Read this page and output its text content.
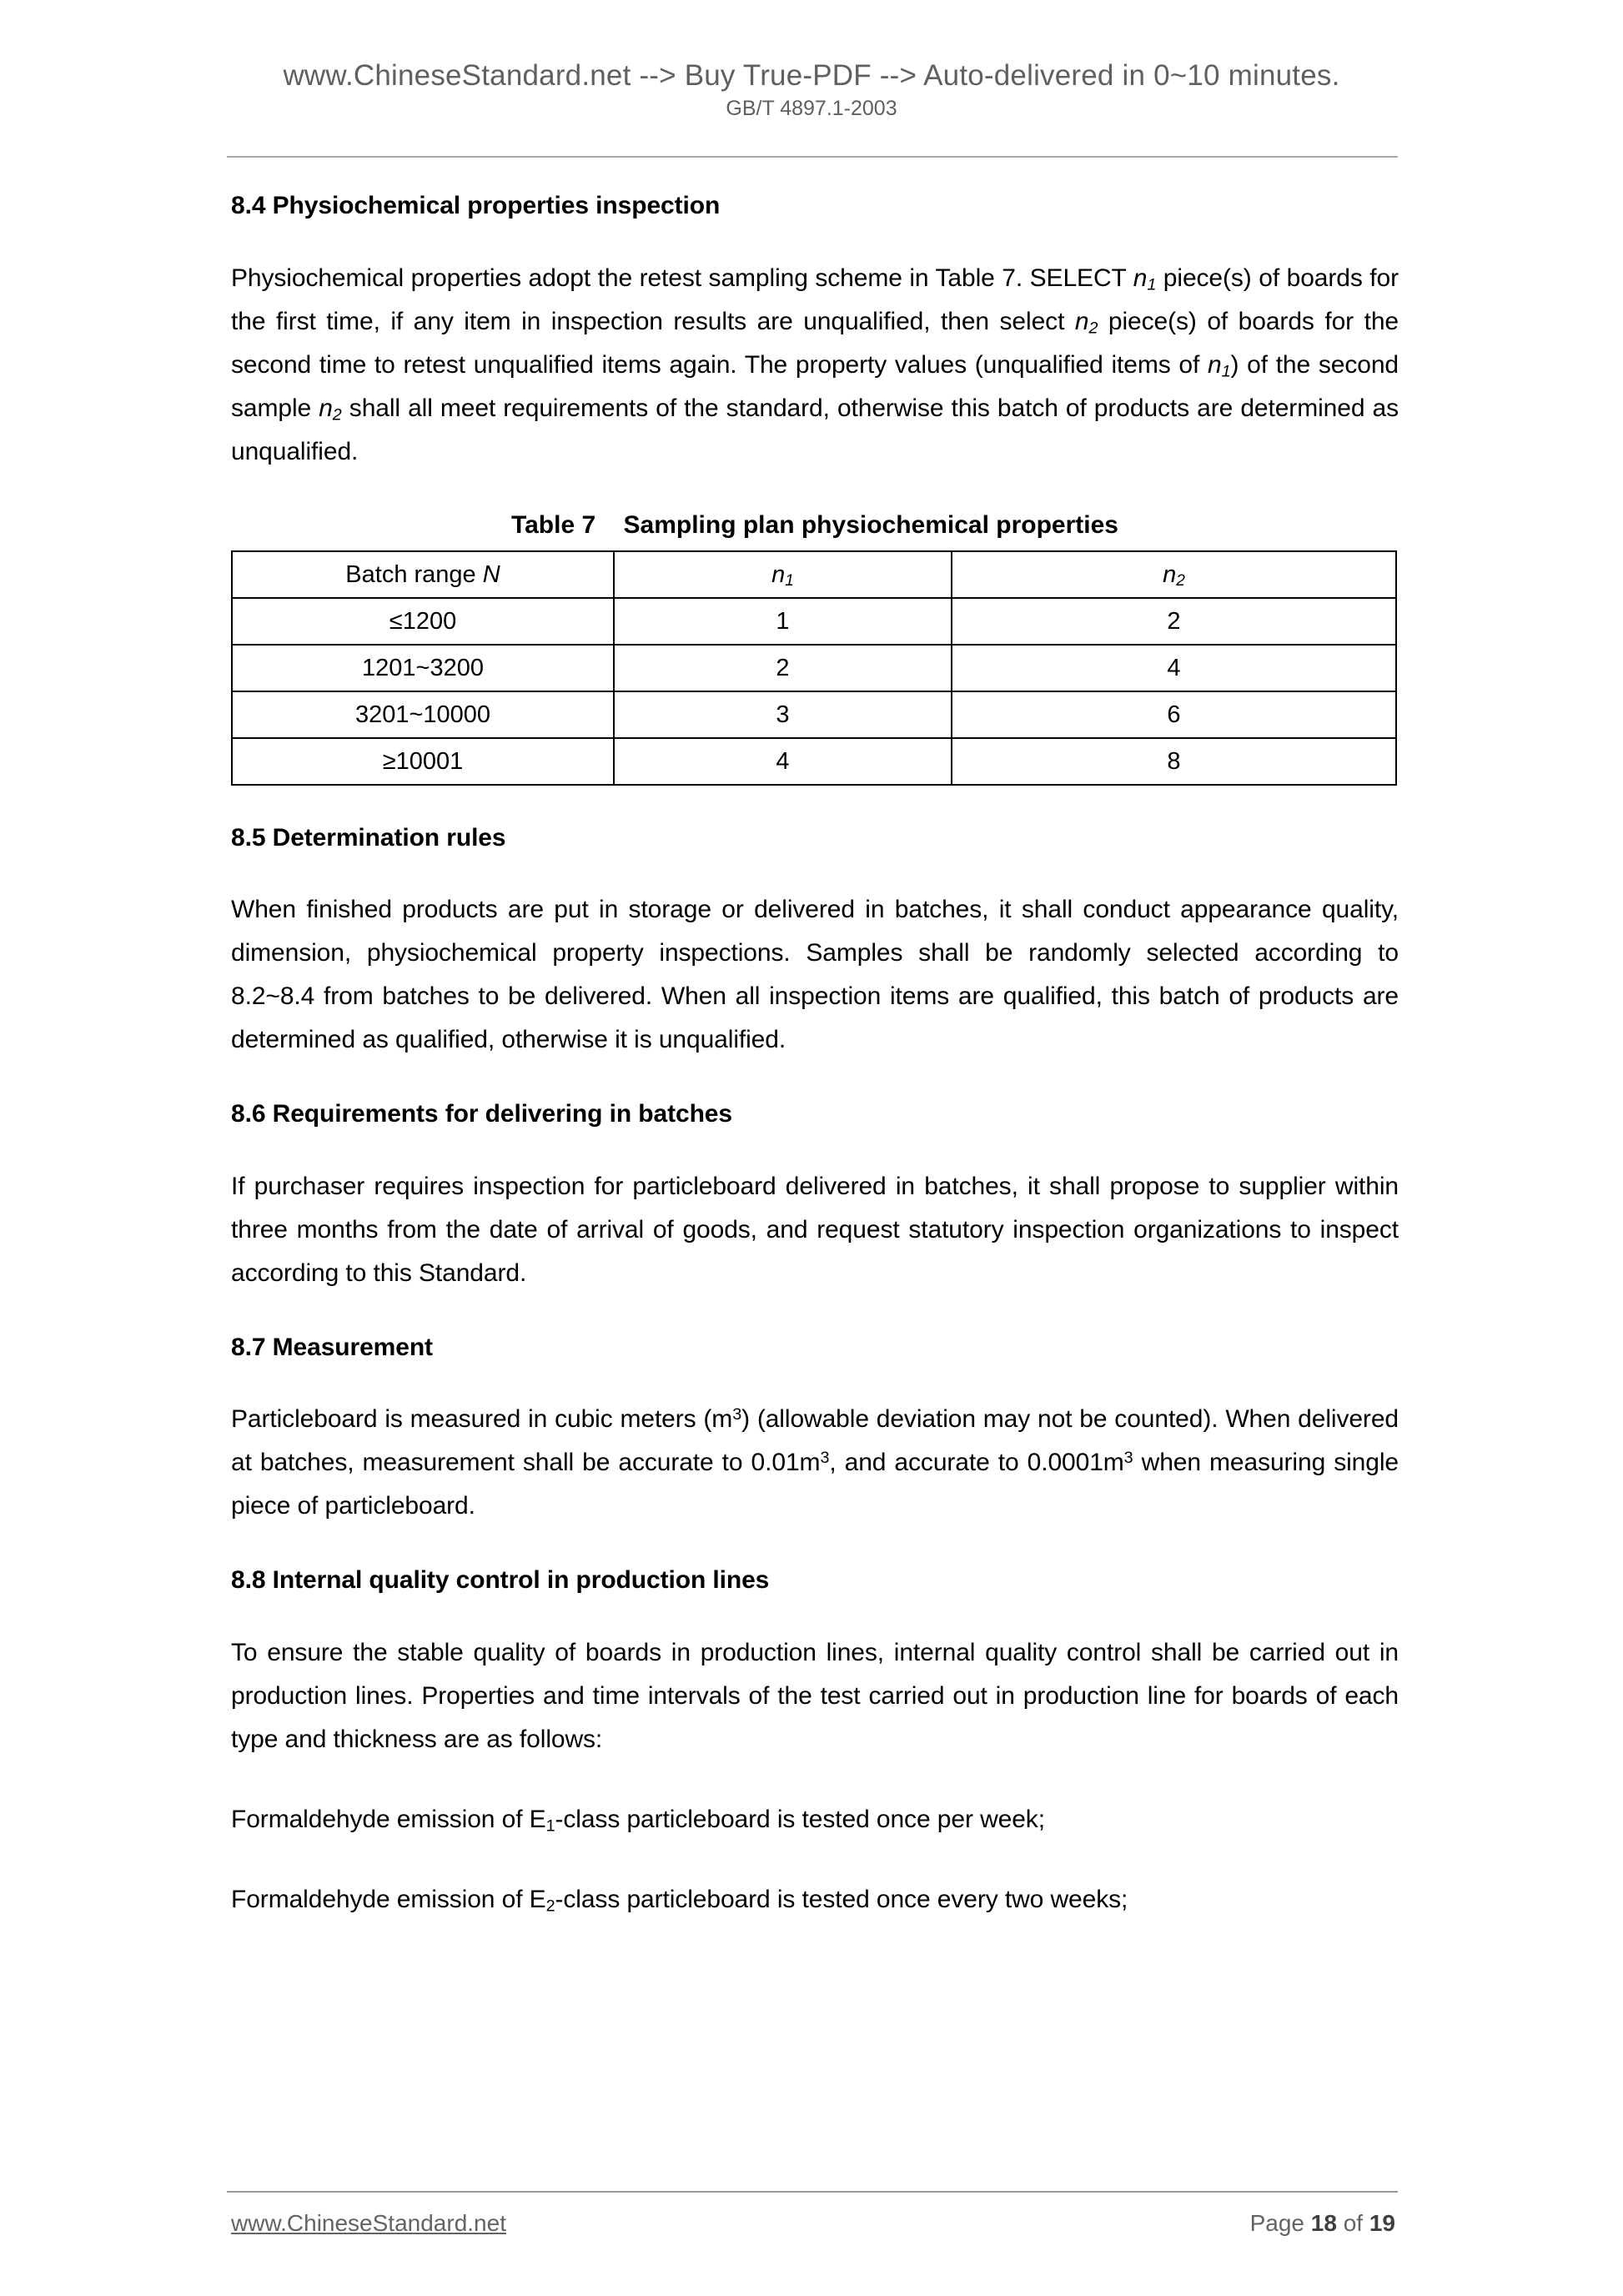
www.ChineseStandard.net --> Buy True-PDF --> Auto-delivered in 0~10 minutes.
GB/T 4897.1-2003
8.4 Physiochemical properties inspection

Physiochemical properties adopt the retest sampling scheme in Table 7. SELECT $n_1$ piece(s) of boards for the first time, if any item in inspection results are unqualified, then select $n_2$ piece(s) of boards for the second time to retest unqualified items again. The property values (unqualified items of $n_1$) of the second sample $n_2$ shall all meet requirements of the standard, otherwise this batch of products are determined as unqualified.

Table 7 Sampling plan physiochemical properties
Batch range N	$n_1$	$n_2$
≤1200	1	2
1201~3200	2	4
3201~10000	3	6
≥10001	4	8
8.5 Determination rules

When finished products are put in storage or delivered in batches, it shall conduct appearance quality, dimension, physiochemical property inspections. Samples shall be randomly selected according to 8.2~8.4 from batches to be delivered. When all inspection items are qualified, this batch of products are determined as qualified, otherwise it is unqualified.

8.6 Requirements for delivering in batches

If purchaser requires inspection for particleboard delivered in batches, it shall propose to supplier within three months from the date of arrival of goods, and request statutory inspection organizations to inspect according to this Standard.

8.7 Measurement

Particleboard is measured in cubic meters $(m^3)$ (allowable deviation may not be counted). When delivered at batches, measurement shall be accurate to $0.01m^3$, and accurate to $0.0001m^3$ when measuring single piece of particleboard.

8.8 Internal quality control in production lines

To ensure the stable quality of boards in production lines, internal quality control shall be carried out in production lines. Properties and time intervals of the test carried out in production line for boards of each type and thickness are as follows:

Formaldehyde emission of $E_1$-class particleboard is tested once per week;

Formaldehyde emission of $E_2$-class particleboard is tested once every two weeks;

www.ChineseStandard.net	Page 18 of 19
